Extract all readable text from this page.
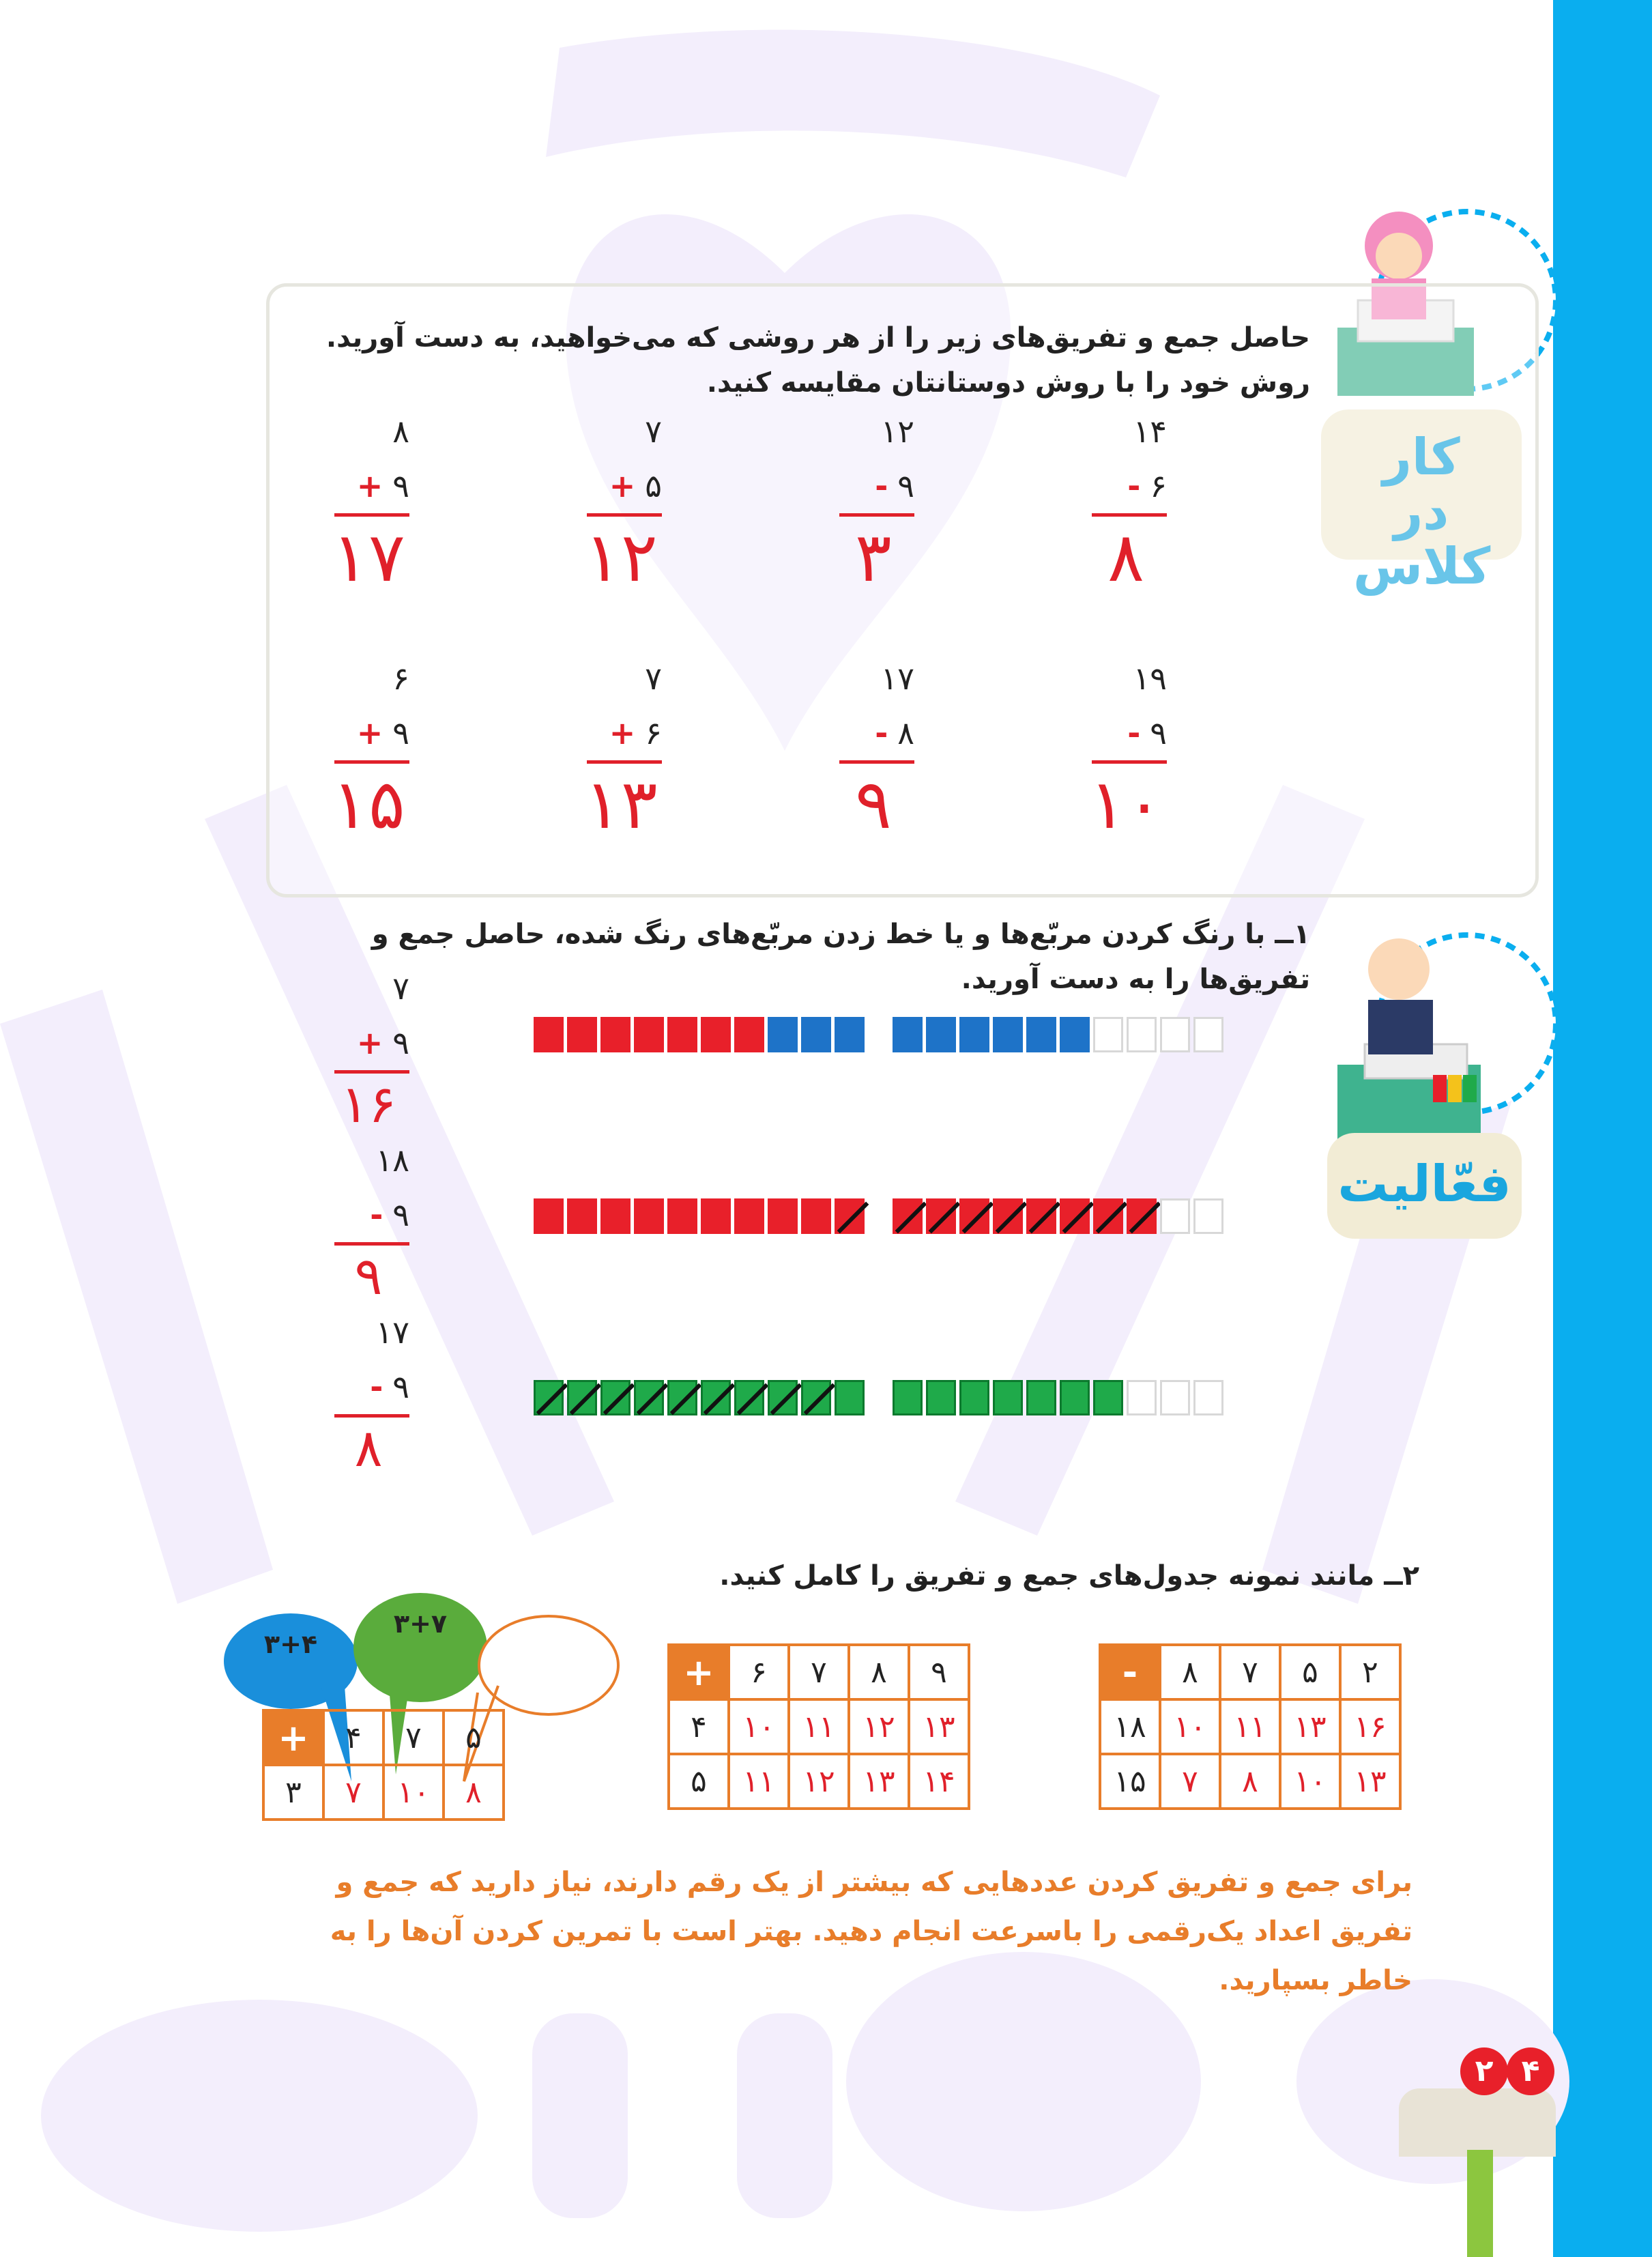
کار در کلاس
حاصل جمع و تفریق‌های زیر را از هر روشی که می‌خواهید، به دست آورید. روش خود را با روش دوستانتان مقایسه کنید.
۸
+ ۹
۱۷
۷
+ ۵
۱۲
۱۲
- ۹
۳
۱۴
- ۶
۸
۶
+ ۹
۱۵
۷
+ ۶
۱۳
۱۷
- ۸
۹
۱۹
- ۹
۱۰
فعّالیت
۱ــ با رنگ کردن مربّع‌ها و یا خط زدن مربّع‌های رنگ شده، حاصل جمع و تفریق‌ها را به دست آورید.
۷
+ ۹
۱۶
۱۸
- ۹
۹
۱۷
- ۹
۸
۲ــ مانند نمونه جدول‌های جمع و تفریق را کامل کنید.
۳+۴
۳+۷
+	۴	۷	۵
۳	۷	۱۰	۸
+	۶	۷	۸	۹
۴	۱۰	۱۱	۱۲	۱۳
۵	۱۱	۱۲	۱۳	۱۴
-	۸	۷	۵	۲
۱۸	۱۰	۱۱	۱۳	۱۶
۱۵	۷	۸	۱۰	۱۳
برای جمع و تفریق کردن عددهایی که بیشتر از یک رقم دارند، نیاز دارید که جمع و تفریق اعداد یک‌رقمی را باسرعت انجام دهید. بهتر است با تمرین کردن آن‌ها را به خاطر بسپارید.
۲ ۴
